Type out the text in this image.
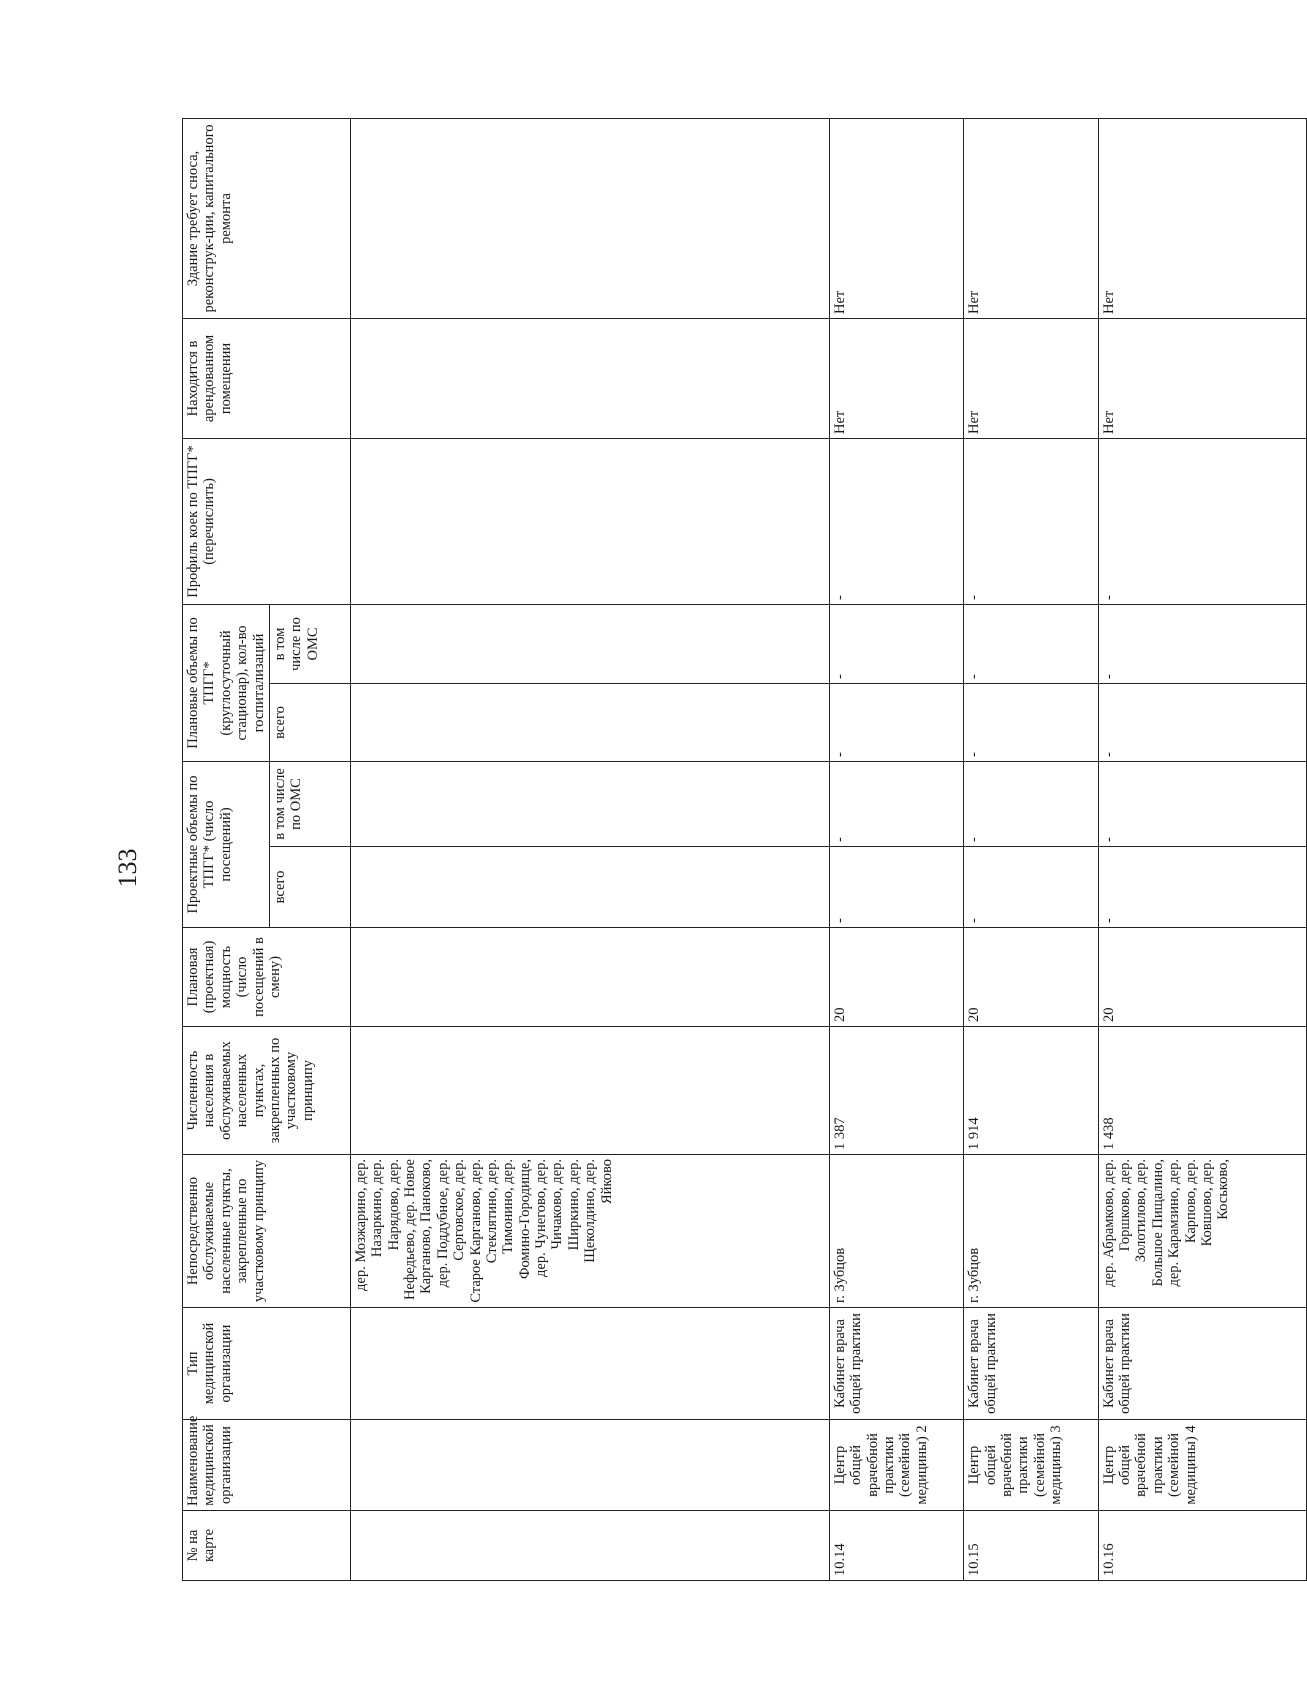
133
№ на карте	Наименование медицинской организации	Тип медицинской организации	Непосредственно обслуживаемые населенные пункты, закрепленные по участковому принципу	Численность населения в обслуживаемых населенных пунктах, закрепленных по участковому принципу	Плановая (проектная) мощность (число посещений в смену)	Проектные объемы по ТПГГ* (число посещений)		Плановые объемы по ТПГГ* (круглосуточный стационар), кол-во госпитализаций		Профиль коек по ТПГГ* (перечислить)	Находится в арендованном помещении	Здание требует сноса, реконструк-ции, капитального ремонта
						всего	в том числе по ОМС	всего	в том числе по ОМС			
			дер. Мозжарино, дер. Назаркино, дер. Нарядово, дер. Нефедьево, дер. Новое Карганово, Паноково, дер. Поддубное, дер. Серговское, дер. Старое Карганово, дер. Стеклятино, дер. Тимонино, дер. Фомино-Городище, дер. Чунегово, дер. Чичаково, дер. Ширкино, дер. Щеколдино, дер. Яйково									
10.14	Центр общей врачебной практики (семейной медицины) 2	Кабинет врача общей практики	г. Зубцов	1 387	20	-	-	-	-	-	Нет	Нет
10.15	Центр общей врачебной практики (семейной медицины) 3	Кабинет врача общей практики	г. Зубцов	1 914	20	-	-	-	-	-	Нет	Нет
10.16	Центр общей врачебной практики (семейной медицины) 4	Кабинет врача общей практики	дер. Абрамково, дер. Горшково, дер. Золотилово, дер. Большое Пищалино, дер. Карамзино, дер. Карпово, дер. Ковшово, дер. Коськово,	1 438	20	-	-	-	-	-	Нет	Нет
